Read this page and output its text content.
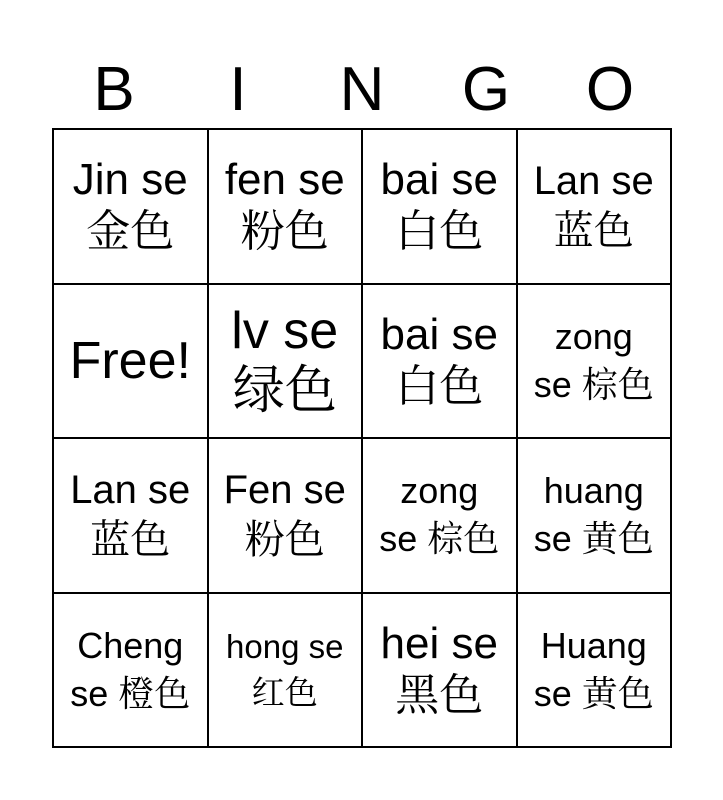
B	I	N	G	O
Jin se
金色
fen se
粉色
bai se
白色
Lan se
蓝色
Free!
lv se
绿色
bai se
白色
zong
se 棕色
Lan se
蓝色
Fen se
粉色
zong
se 棕色
huang
se 黄色
Cheng
se 橙色
hong se
红色
hei se
黑色
Huang
se 黄色
